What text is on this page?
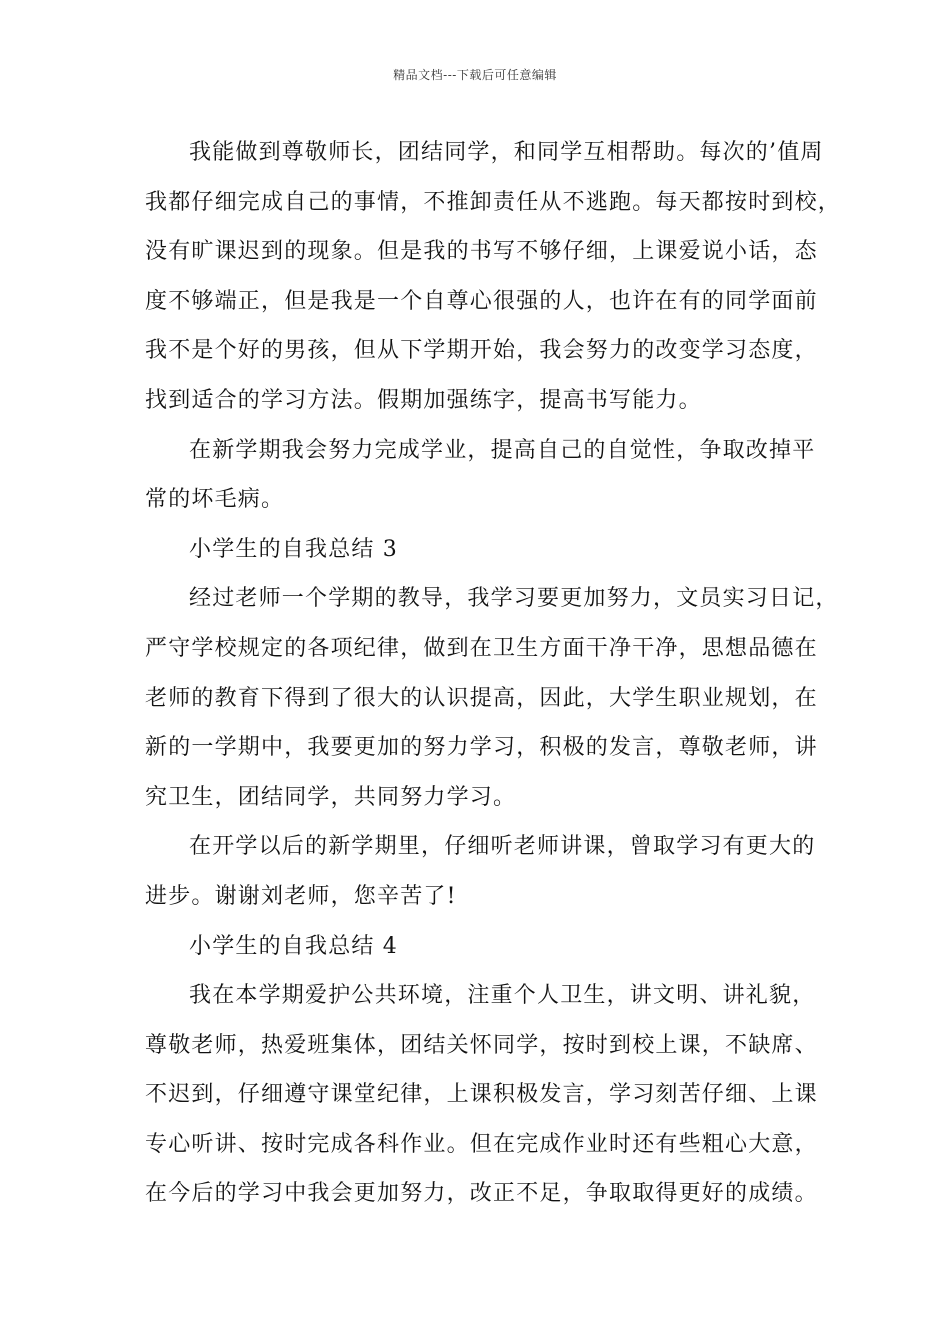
精品文档---下载后可任意编辑
我能做到尊敬师长，团结同学，和同学互相帮助。每次的’值周
我都仔细完成自己的事情，不推卸责任从不逃跑。每天都按时到校，
没有旷课迟到的现象。但是我的书写不够仔细，上课爱说小话，态
度不够端正，但是我是一个自尊心很强的人，也许在有的同学面前
我不是个好的男孩，但从下学期开始，我会努力的改变学习态度，
找到适合的学习方法。假期加强练字，提高书写能力。
在新学期我会努力完成学业，提高自己的自觉性，争取改掉平
常的坏毛病。
小学生的自我总结 3
经过老师一个学期的教导，我学习要更加努力，文员实习日记，
严守学校规定的各项纪律，做到在卫生方面干净干净，思想品德在
老师的教育下得到了很大的认识提高，因此，大学生职业规划，在
新的一学期中，我要更加的努力学习，积极的发言，尊敬老师，讲
究卫生，团结同学，共同努力学习。
在开学以后的新学期里，仔细听老师讲课，曾取学习有更大的
进步。谢谢刘老师，您辛苦了!
小学生的自我总结 4
我在本学期爱护公共环境，注重个人卫生，讲文明、讲礼貌，
尊敬老师，热爱班集体，团结关怀同学，按时到校上课，不缺席、
不迟到，仔细遵守课堂纪律，上课积极发言，学习刻苦仔细、上课
专心听讲、按时完成各科作业。但在完成作业时还有些粗心大意，
在今后的学习中我会更加努力，改正不足，争取取得更好的成绩。
